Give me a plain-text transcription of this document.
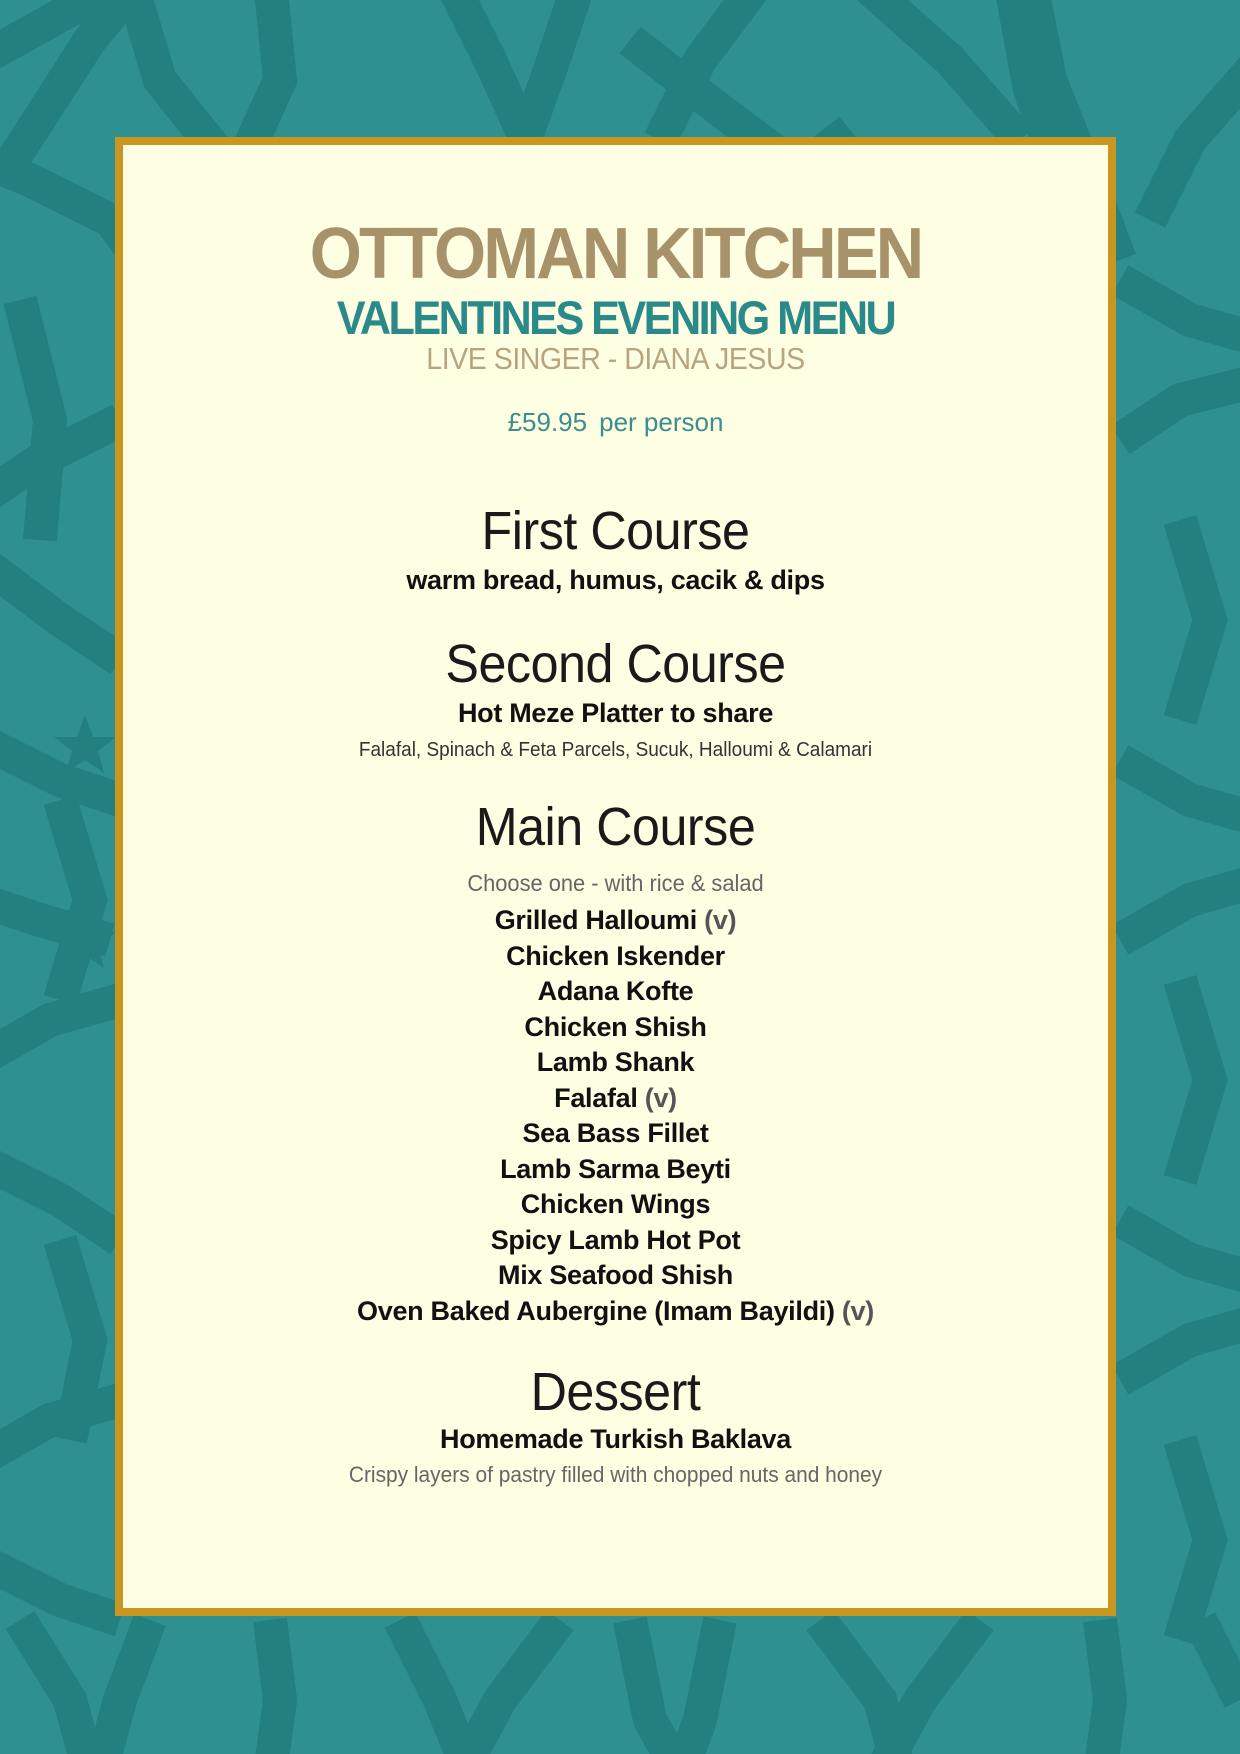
OTTOMAN KITCHEN
VALENTINES EVENING MENU
LIVE SINGER - DIANA JESUS
£59.95 per person
First Course
warm bread, humus, cacik & dips
Second Course
Hot Meze Platter to share
Falafal, Spinach & Feta Parcels, Sucuk, Halloumi & Calamari
Main Course
Choose one - with rice & salad
Grilled Halloumi (v)
Chicken Iskender
Adana Kofte
Chicken Shish
Lamb Shank
Falafal (v)
Sea Bass Fillet
Lamb Sarma Beyti
Chicken Wings
Spicy Lamb Hot Pot
Mix Seafood Shish
Oven Baked Aubergine (Imam Bayildi) (v)
Dessert
Homemade Turkish Baklava
Crispy layers of pastry filled with chopped nuts and honey
